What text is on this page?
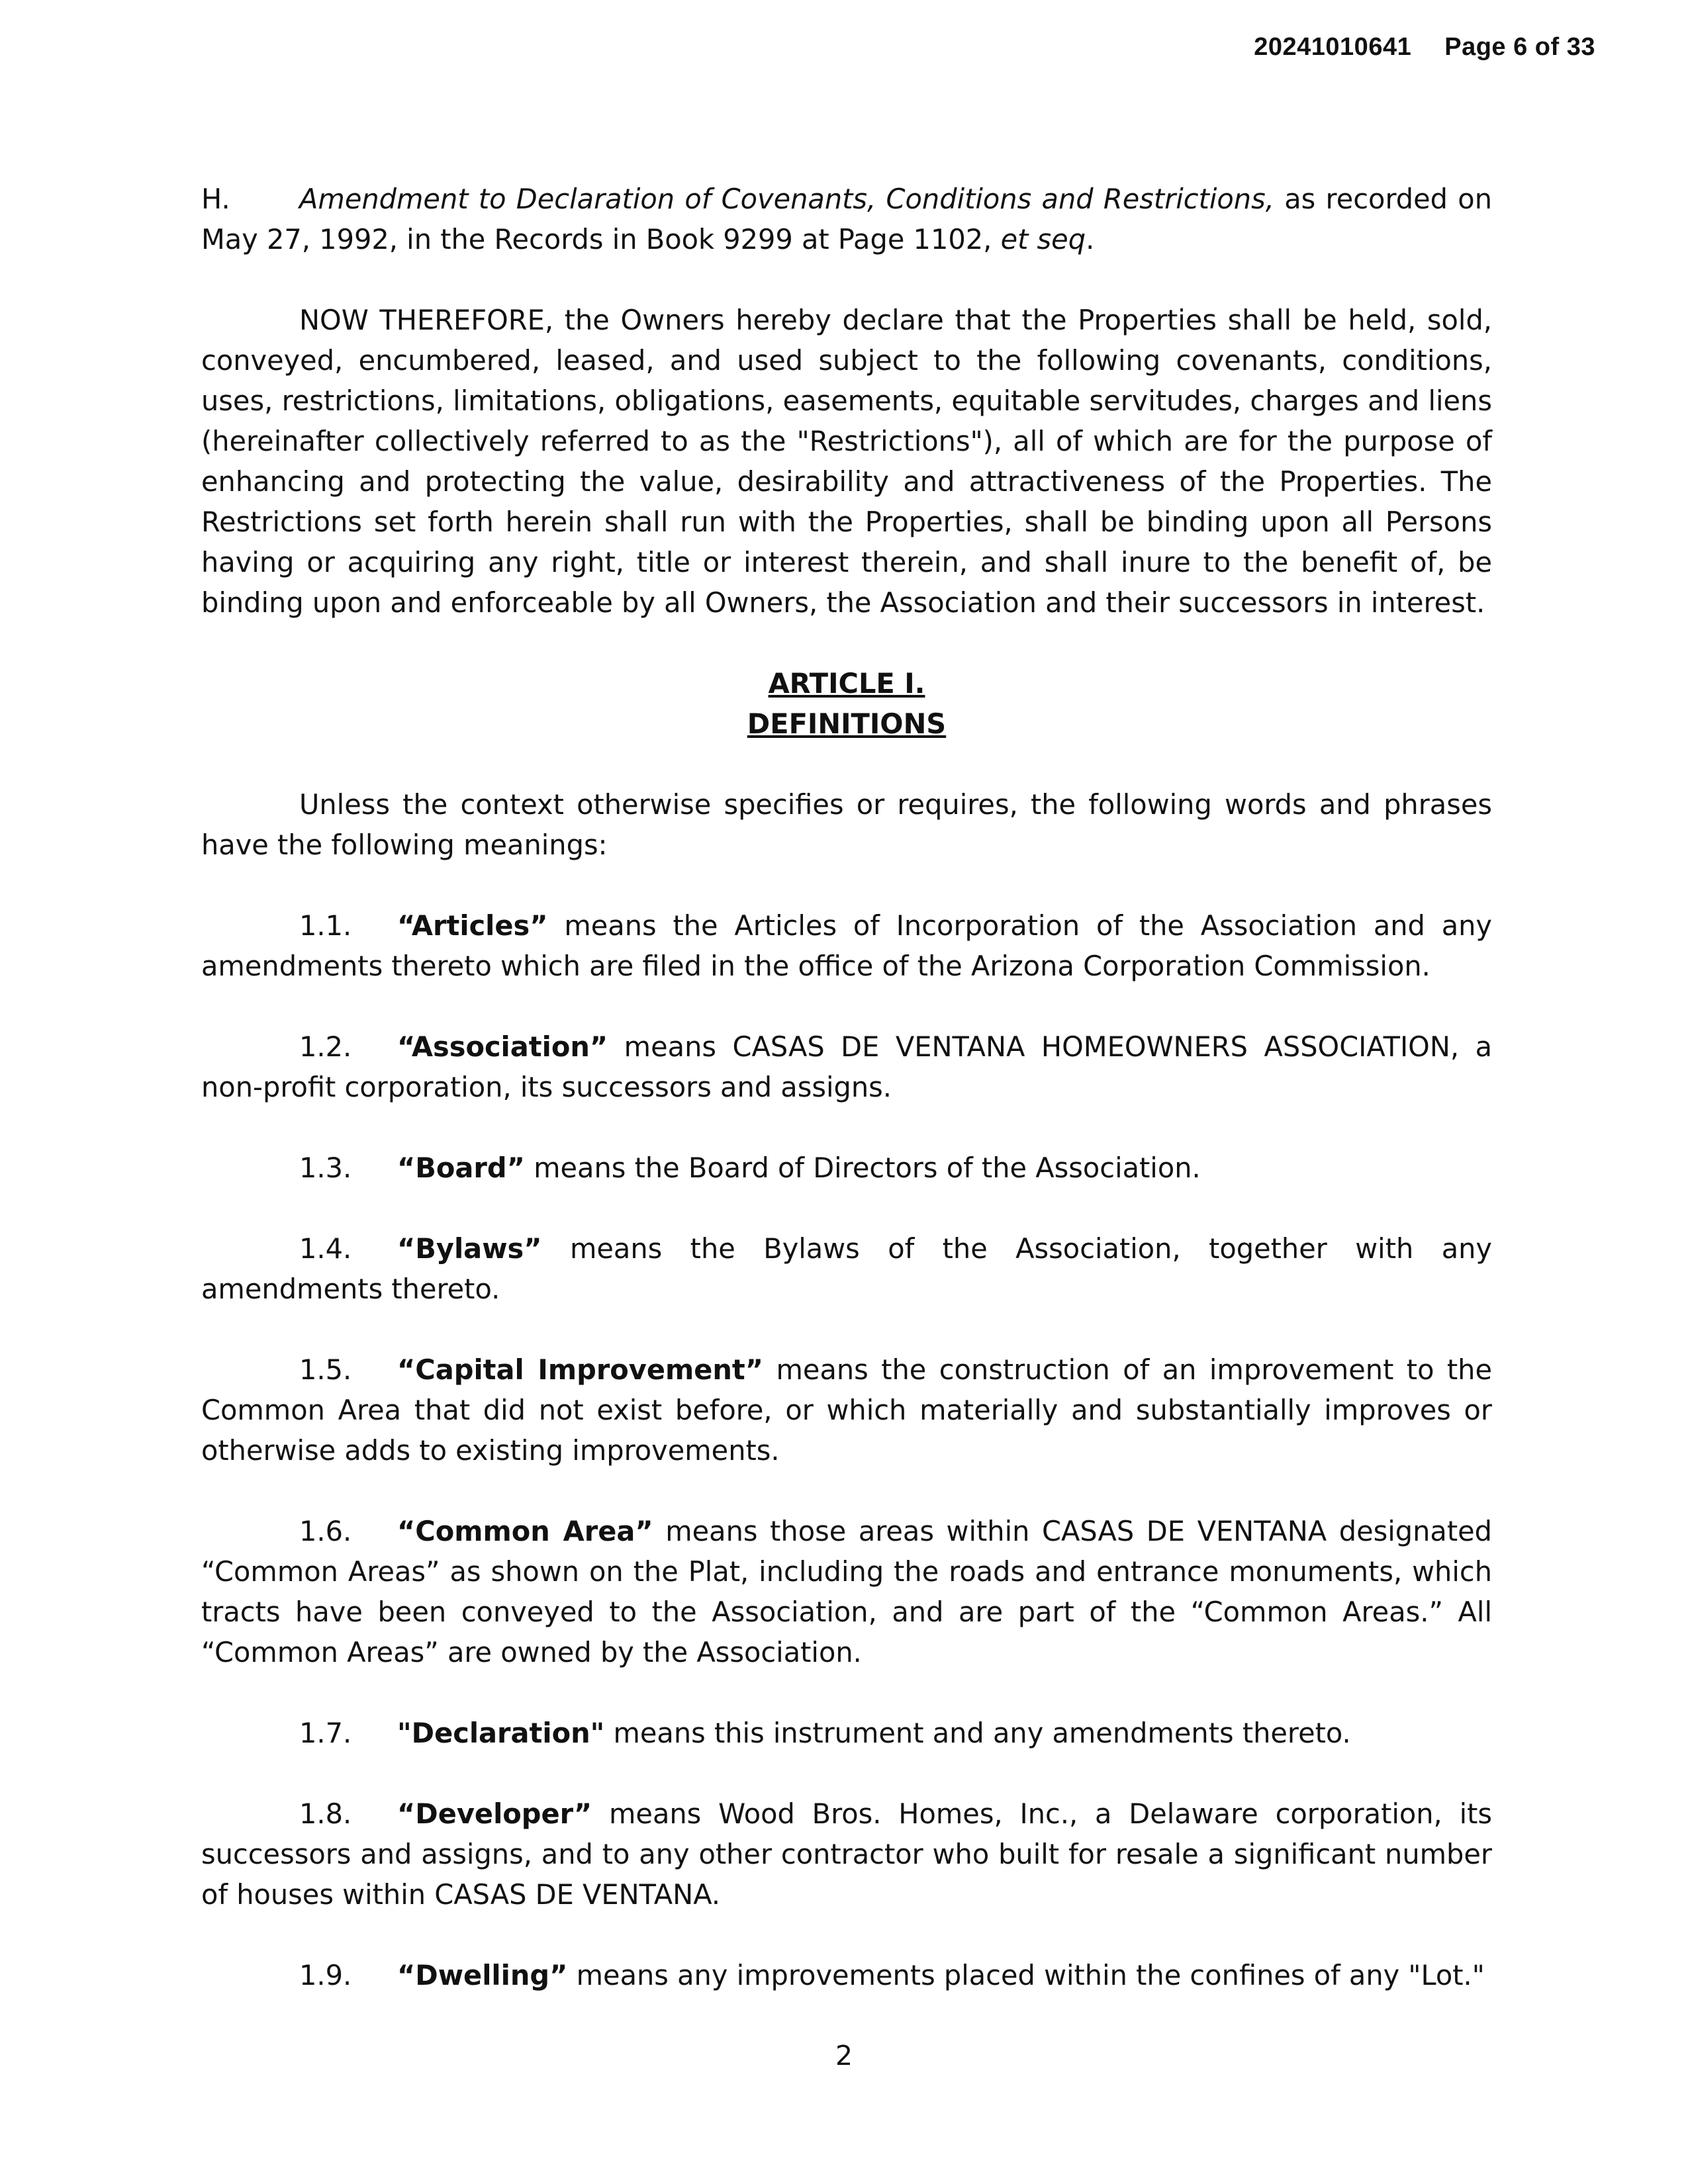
20241010641 Page 6 of 33

H.	Amendment to Declaration of Covenants, Conditions and Restrictions, as recorded on May 27, 1992, in the Records in Book 9299 at Page 1102, et seq.

NOW THEREFORE, the Owners hereby declare that the Properties shall be held, sold, conveyed, encumbered, leased, and used subject to the following covenants, conditions, uses, restrictions, limitations, obligations, easements, equitable servitudes, charges and liens (hereinafter collectively referred to as the "Restrictions"), all of which are for the purpose of enhancing and protecting the value, desirability and attractiveness of the Properties. The Restrictions set forth herein shall run with the Properties, shall be binding upon all Persons having or acquiring any right, title or interest therein, and shall inure to the benefit of, be binding upon and enforceable by all Owners, the Association and their successors in interest.

ARTICLE I.

DEFINITIONS

Unless the context otherwise specifies or requires, the following words and phrases have the following meanings:

1.1. “Articles” means the Articles of Incorporation of the Association and any amendments thereto which are filed in the office of the Arizona Corporation Commission.

1.2. “Association” means CASAS DE VENTANA HOMEOWNERS ASSOCIATION, a non-profit corporation, its successors and assigns.

1.3. “Board” means the Board of Directors of the Association.

1.4. “Bylaws” means the Bylaws of the Association, together with any amendments thereto.

1.5. “Capital Improvement” means the construction of an improvement to the Common Area that did not exist before, or which materially and substantially improves or otherwise adds to existing improvements.

1.6. “Common Area” means those areas within CASAS DE VENTANA designated “Common Areas” as shown on the Plat, including the roads and entrance monuments, which tracts have been conveyed to the Association, and are part of the “Common Areas.” All “Common Areas” are owned by the Association.

1.7. "Declaration" means this instrument and any amendments thereto.

1.8. “Developer” means Wood Bros. Homes, Inc., a Delaware corporation, its successors and assigns, and to any other contractor who built for resale a significant number of houses within CASAS DE VENTANA.

1.9. “Dwelling” means any improvements placed within the confines of any "Lot."

2
